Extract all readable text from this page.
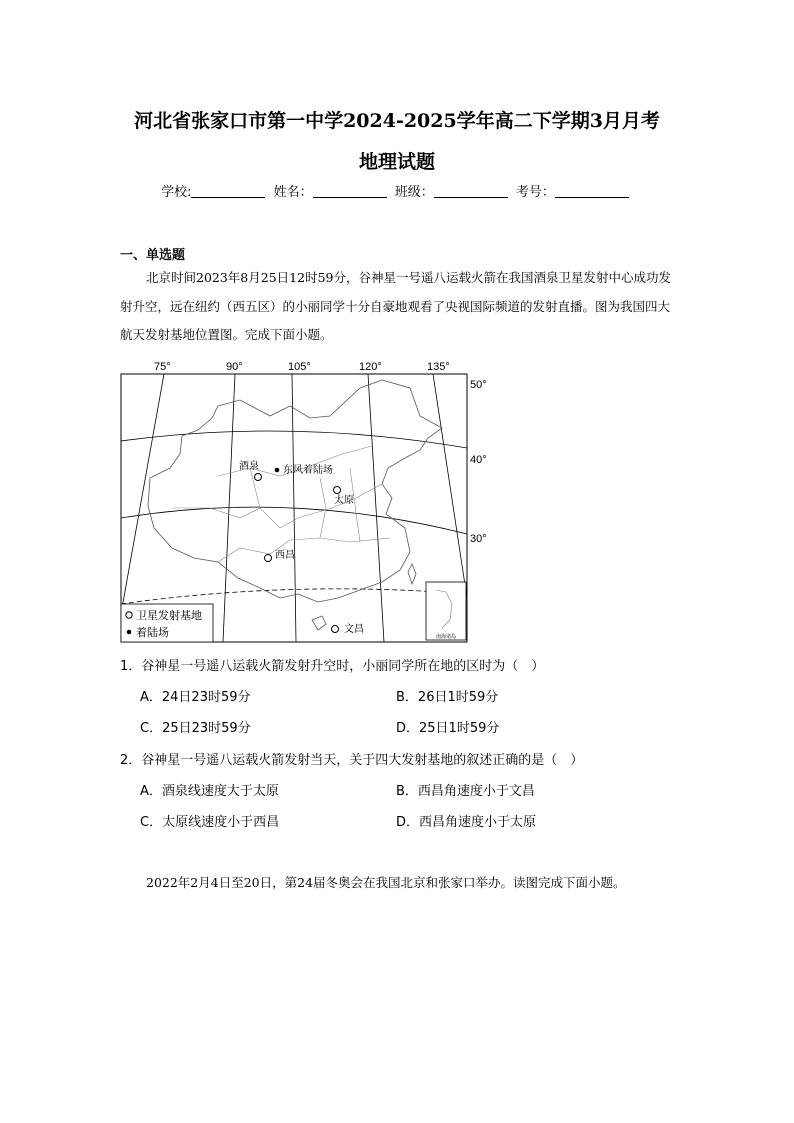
河北省张家口市第一中学2024-2025学年高二下学期3月月考
地理试题
学校:	姓名：	班级：	考号：
一、单选题
北京时间2023年8月25日12时59分，谷神星一号遥八运载火箭在我国酒泉卫星发射中心成功发射升空，远在纽约（西五区）的小丽同学十分自豪地观看了央视国际频道的发射直播。图为我国四大航天发射基地位置图。完成下面小题。
75°	90°	105°	120°	135°
50°
40°
30°
南海诸岛
酒泉 东风着陆场
太原
西昌
文昌
卫星发射基地
着陆场
1．谷神星一号遥八运载火箭发射升空时，小丽同学所在地的区时为（　）
A．24日23时59分	B．26日1时59分
C．25日23时59分	D．25日1时59分
2．谷神星一号遥八运载火箭发射当天，关于四大发射基地的叙述正确的是（　）
A．酒泉线速度大于太原	B．西昌角速度小于文昌
C．太原线速度小于西昌	D．西昌角速度小于太原
2022年2月4日至20日，第24届冬奥会在我国北京和张家口举办。读图完成下面小题。
